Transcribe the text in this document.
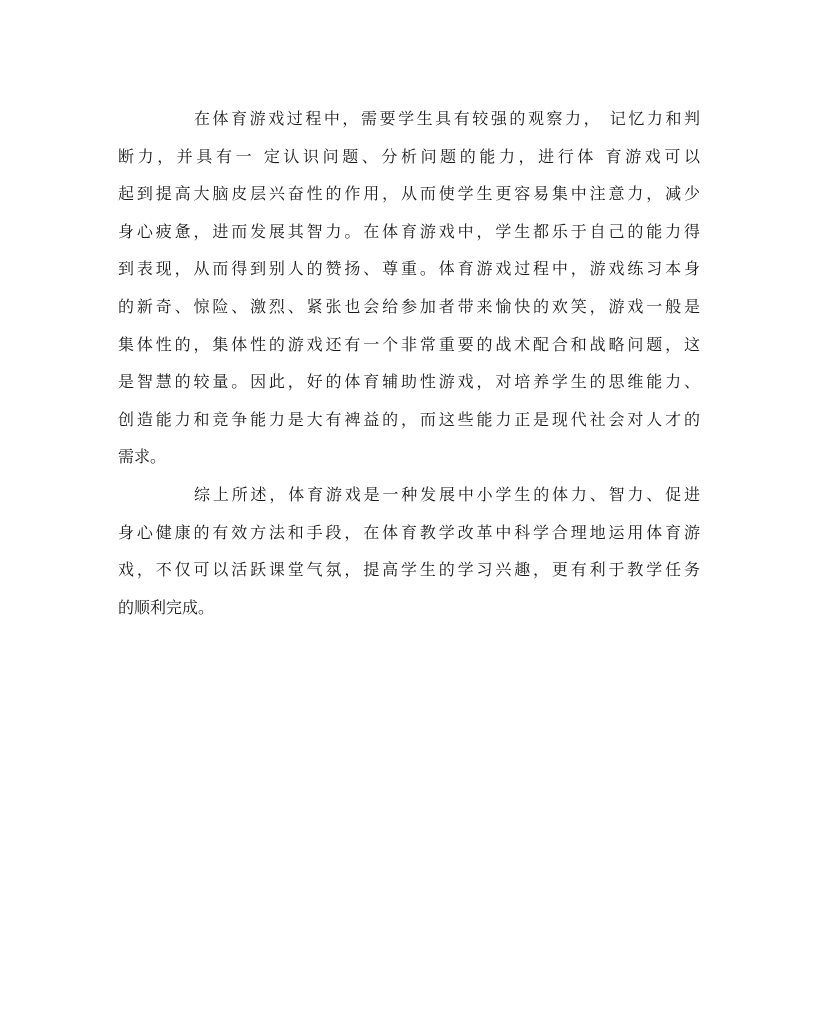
在体育游戏过程中，需要学生具有较强的观察力， 记忆力和判
断力，并具有一 定认识问题、分析问题的能力，进行体 育游戏可以
起到提高大脑皮层兴奋性的作用，从而使学生更容易集中注意力，减少
身心疲惫，进而发展其智力。在体育游戏中，学生都乐于自己的能力得
到表现，从而得到别人的赞扬、尊重。体育游戏过程中，游戏练习本身
的新奇、惊险、激烈、紧张也会给参加者带来愉快的欢笑，游戏一般是
集体性的，集体性的游戏还有一个非常重要的战术配合和战略问题，这
是智慧的较量。因此，好的体育辅助性游戏，对培养学生的思维能力、
创造能力和竞争能力是大有裨益的，而这些能力正是现代社会对人才的
需求。
综上所述，体育游戏是一种发展中小学生的体力、智力、促进
身心健康的有效方法和手段，在体育教学改革中科学合理地运用体育游
戏，不仅可以活跃课堂气氛，提高学生的学习兴趣，更有利于教学任务
的顺利完成。
